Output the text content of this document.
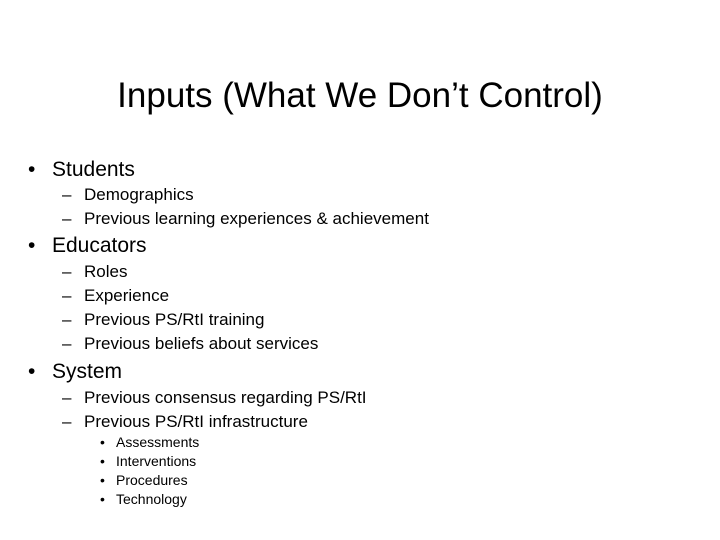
Inputs (What We Don’t Control)
• Students
– Demographics
– Previous learning experiences & achievement
• Educators
– Roles
– Experience
– Previous PS/RtI training
– Previous beliefs about services
• System
– Previous consensus regarding PS/RtI
– Previous PS/RtI infrastructure
• Assessments
• Interventions
• Procedures
• Technology
